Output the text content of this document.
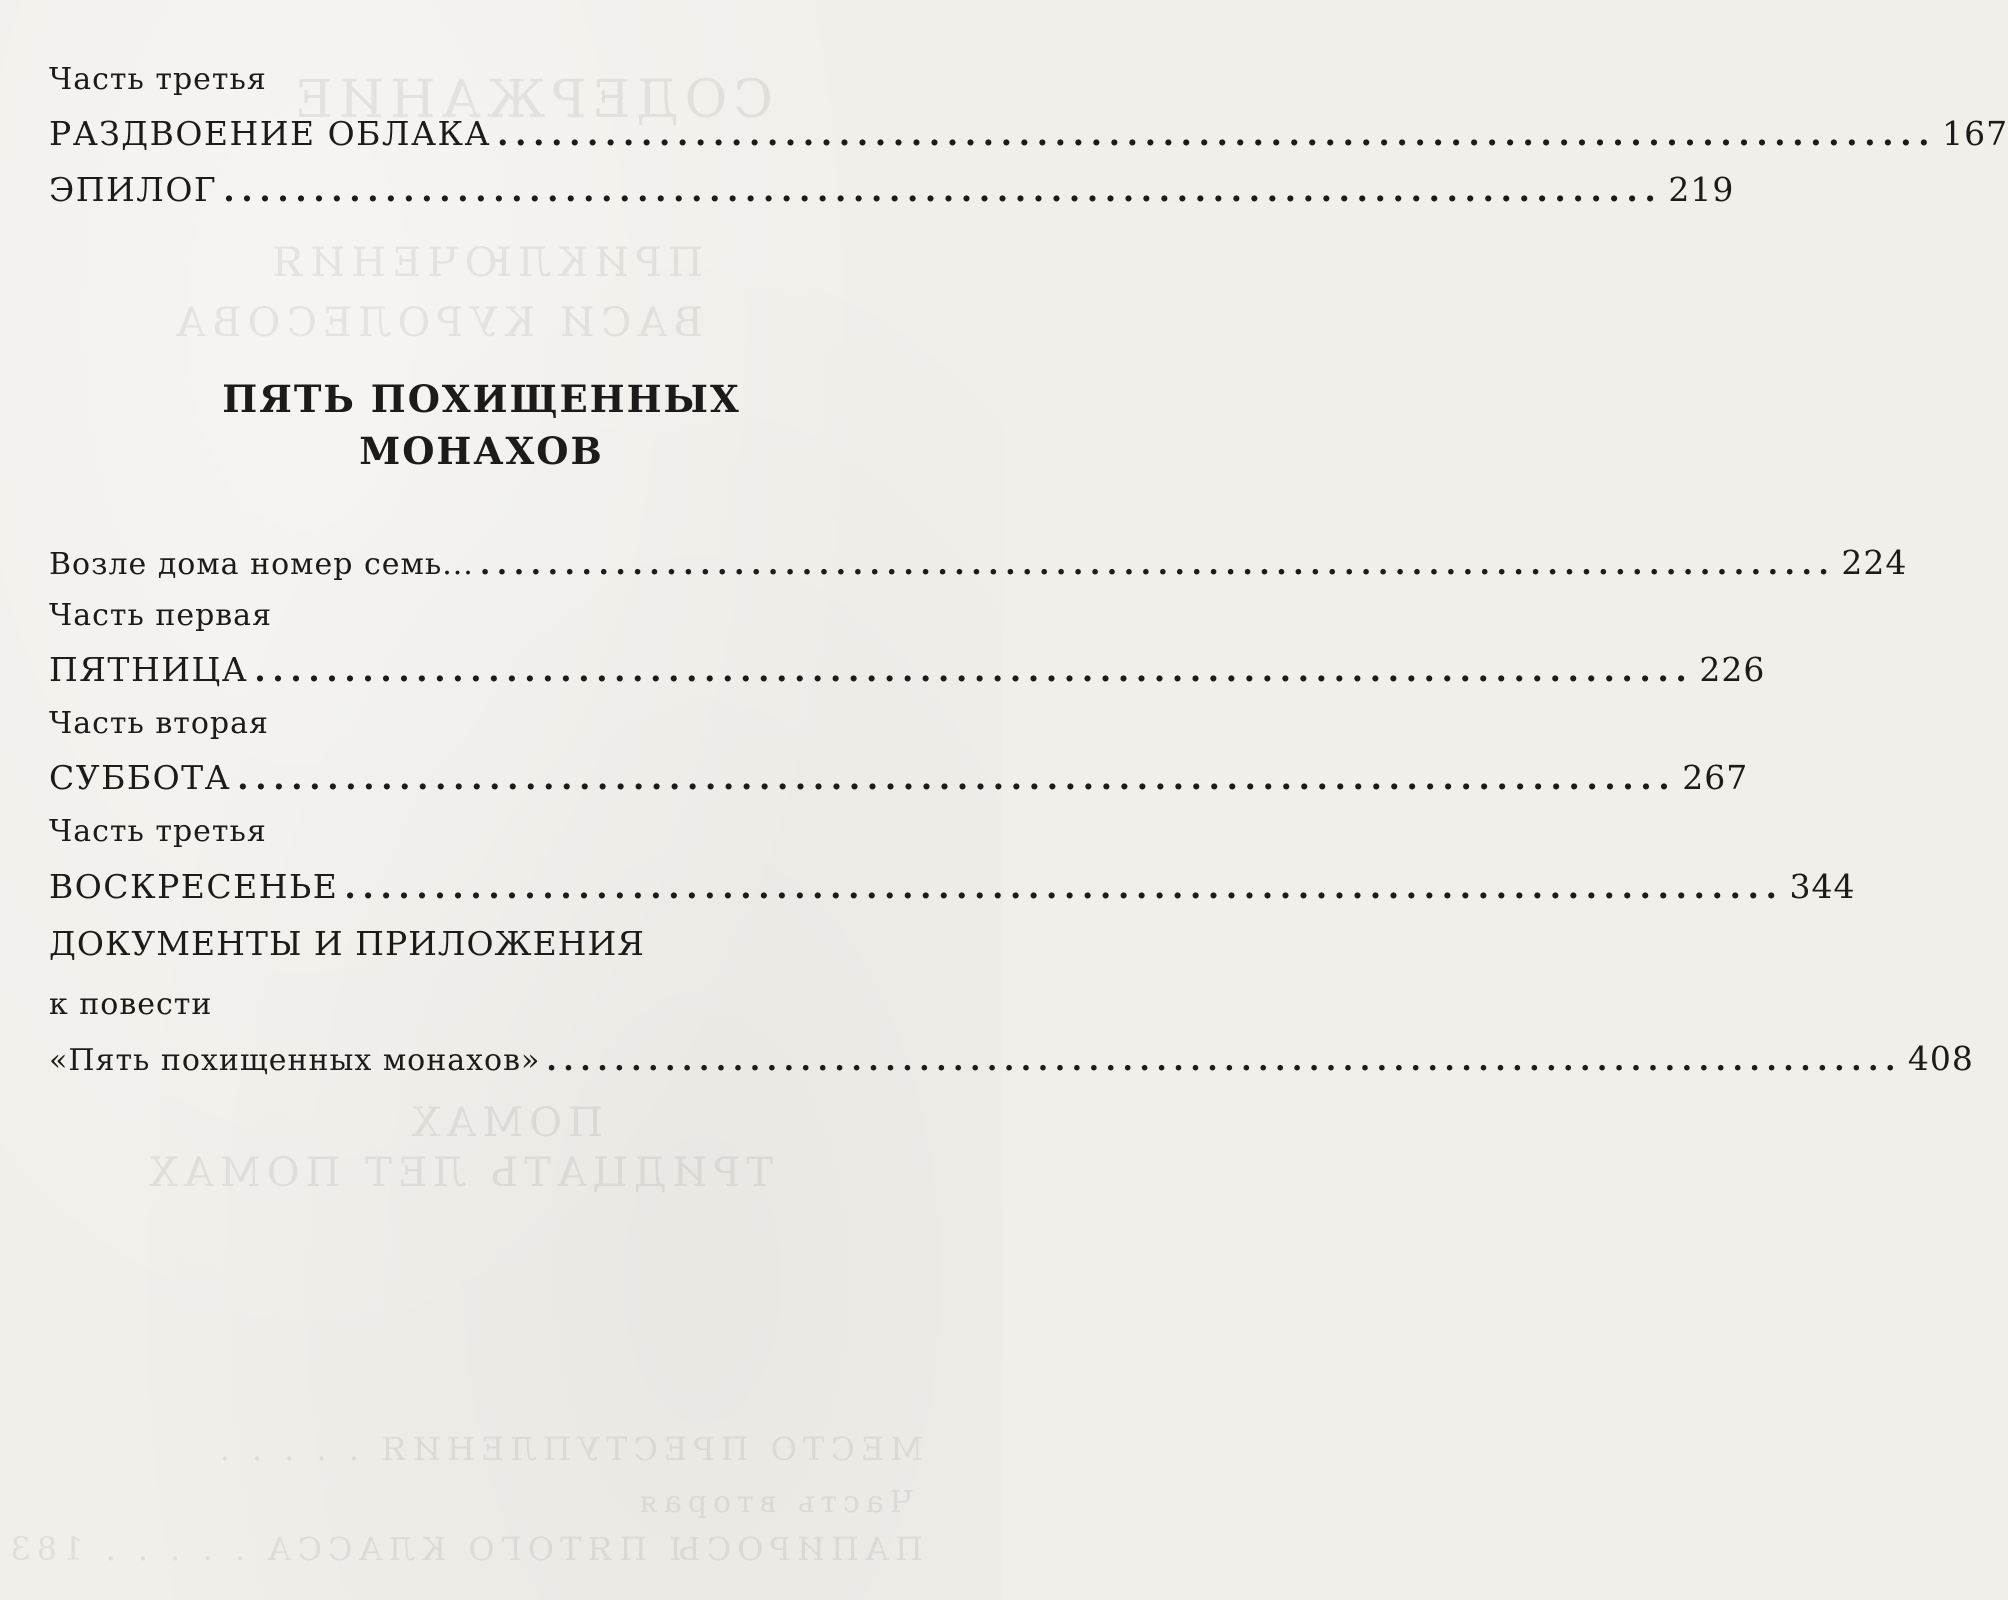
СОДЕРЖАНИЕ
ПРИКЛЮЧЕНИЯ
ВАСИ КУРОЛЕСОВА
ПОМАХ
ТРИДЦАТЬ ЛЕТ ПОМАХ
МЕСТО ПРЕСТУПЛЕНИЯ . . . . .
Часть вторая
ПАПИРОСЫ ПЯТОГО КЛАССА . . . . . 183
Часть третья
РАЗДВОЕНИЕ ОБЛАКА ................................................................................ 167
ЭПИЛОГ ................................................................................ 219
ПЯТЬ ПОХИЩЕННЫХ
МОНАХОВ
Возле дома номер семь... ................................................................................ 224
Часть первая
ПЯТНИЦА ................................................................................ 226
Часть вторая
СУББОТА ................................................................................ 267
Часть третья
ВОСКРЕСЕНЬЕ ................................................................................ 344
ДОКУМЕНТЫ И ПРИЛОЖЕНИЯ
к повести
«Пять похищенных монахов» ................................................................................ 408
